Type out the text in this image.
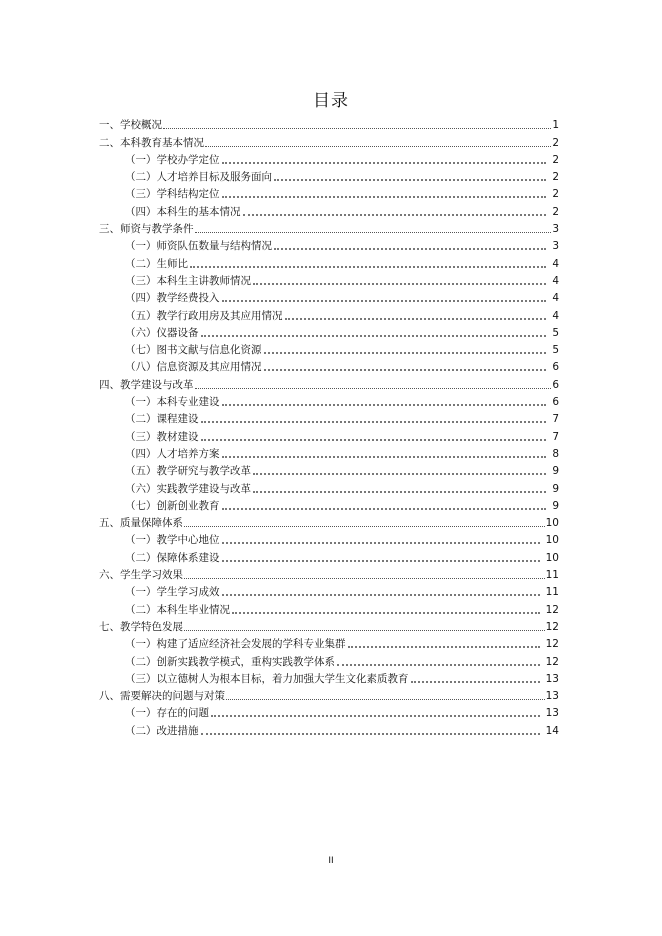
目录
一、学校概况	1
二、本科教育基本情况	2
（一）学校办学定位	2
（二）人才培养目标及服务面向	2
（三）学科结构定位	2
（四）本科生的基本情况	2
三、师资与教学条件	3
（一）师资队伍数量与结构情况	3
（二）生师比	4
（三）本科生主讲教师情况	4
（四）教学经费投入	4
（五）教学行政用房及其应用情况	4
（六）仪器设备	5
（七）图书文献与信息化资源	5
（八）信息资源及其应用情况	6
四、教学建设与改革	6
（一）本科专业建设	6
（二）课程建设	7
（三）教材建设	7
（四）人才培养方案	8
（五）教学研究与教学改革	9
（六）实践教学建设与改革	9
（七）创新创业教育	9
五、质量保障体系	10
（一）教学中心地位	10
（二）保障体系建设	10
六、学生学习效果	11
（一）学生学习成效	11
（二）本科生毕业情况	12
七、教学特色发展	12
（一）构建了适应经济社会发展的学科专业集群	12
（二）创新实践教学模式，重构实践教学体系	12
（三）以立德树人为根本目标，着力加强大学生文化素质教育	13
八、需要解决的问题与对策	13
（一）存在的问题	13
（二）改进措施	14
II
